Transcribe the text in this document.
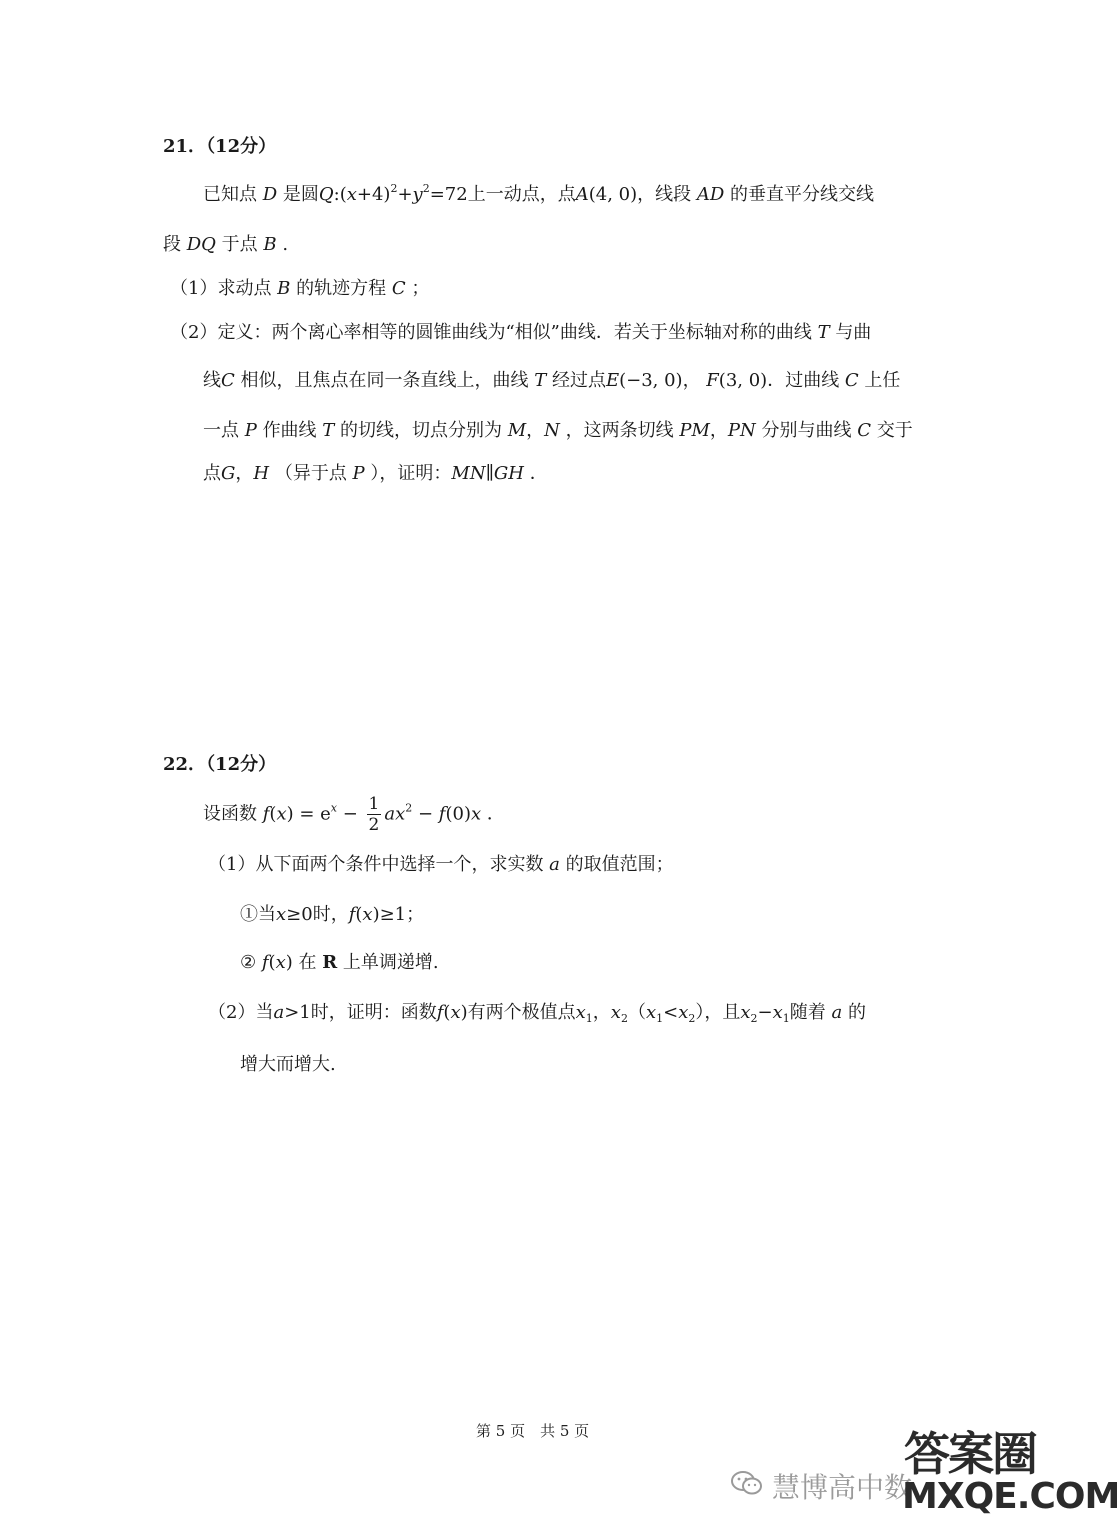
21．（12分）
已知点 D 是圆$Q:(x+4)^2+y^2=72$上一动点，点A(4, 0)，线段 AD 的垂直平分线交线
段 DQ 于点 B .
（1）求动点 B 的轨迹方程 C ；
（2）定义：两个离心率相等的圆锥曲线为“相似”曲线．若关于坐标轴对称的曲线 T 与曲
线C 相似，且焦点在同一条直线上，曲线 T 经过点E(−3, 0)， F(3, 0)．过曲线 C 上任
一点 P 作曲线 T 的切线，切点分别为 M，N ，这两条切线 PM，PN 分别与曲线 C 交于
点G，H （异于点 P ），证明：MN∥GH ．
22．（12分）
设函数 $f(x) = e^x - \frac{1}{2} ax^2 - f(0)x$ ．
（1）从下面两个条件中选择一个，求实数 a 的取值范围；
①当x≥0时，f(x)≥1；
② f(x) 在 R 上单调递增.
（2）当a>1时，证明：函数f(x)有两个极值点$x_1$，$x_2(x_1<x_2)$，且$x_2-x_1$随着 a 的
增大而增大.
第 5 页　共 5 页
慧博高中数
答案圈
MXQE.COM
